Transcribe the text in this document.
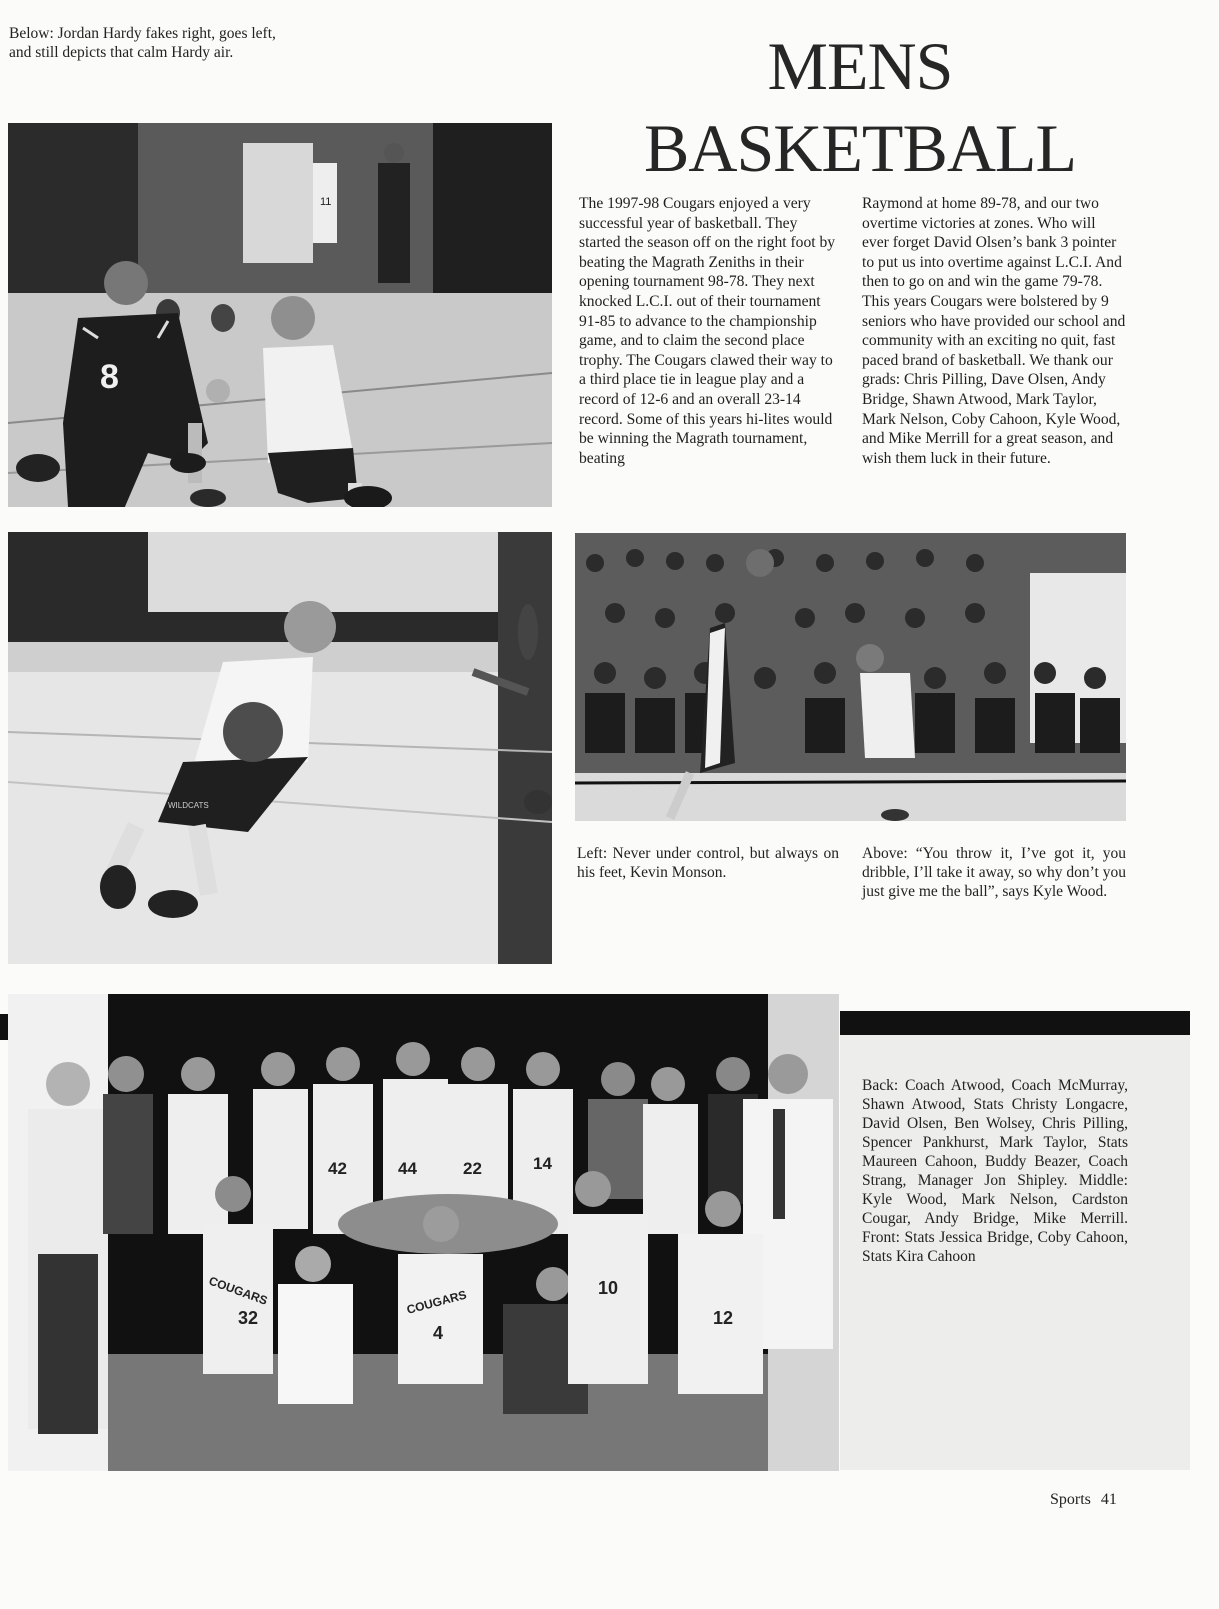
Below: Jordan Hardy fakes right, goes left, and still depicts that calm Hardy air.	MENS
BASKETBALL
11
8

The 1997-98 Cougars enjoyed a very successful year of basketball. They started the season off on the right foot by beating the Magrath Zeniths in their opening tournament 98-78. They next knocked L.C.I. out of their tournament 91-85 to advance to the championship game, and to claim the second place trophy. The Cougars clawed their way to a third place tie in league play and a record of 12-6 and an overall 23-14 record. Some of this years hi-lites would be winning the Magrath tournament, beating

Raymond at home 89-78, and our two overtime victories at zones. Who will ever forget David Olsen’s bank 3 pointer to put us into overtime against L.C.I. And then to go on and win the game 79-78. This years Cougars were bolstered by 9 seniors who have provided our school and community with an exciting no quit, fast paced brand of basketball. We thank our grads: Chris Pilling, Dave Olsen, Andy Bridge, Shawn Atwood, Mark Taylor, Mark Nelson, Coby Cahoon, Kyle Wood, and Mike Merrill for a great season, and wish them luck in their future.

WILDCATS
Left: Never under control, but always on his feet, Kevin Monson.
Above: “You throw it, I’ve got it, you dribble, I’ll take it away, so why don’t you just give me the ball”, says Kyle Wood.
42	44	22	14
32
COUGARS
4
COUGARS	10
12
Back: Coach Atwood, Coach McMurray, Shawn Atwood, Stats Christy Longacre, David Olsen, Ben Wolsey, Chris Pilling, Spencer Pankhurst, Mark Taylor, Stats Maureen Cahoon, Buddy Beazer, Coach Strang, Manager Jon Shipley. Middle: Kyle Wood, Mark Nelson, Cardston Cougar, Andy Bridge, Mike Merrill. Front: Stats Jessica Bridge, Coby Cahoon, Stats Kira Cahoon
Sports 41
